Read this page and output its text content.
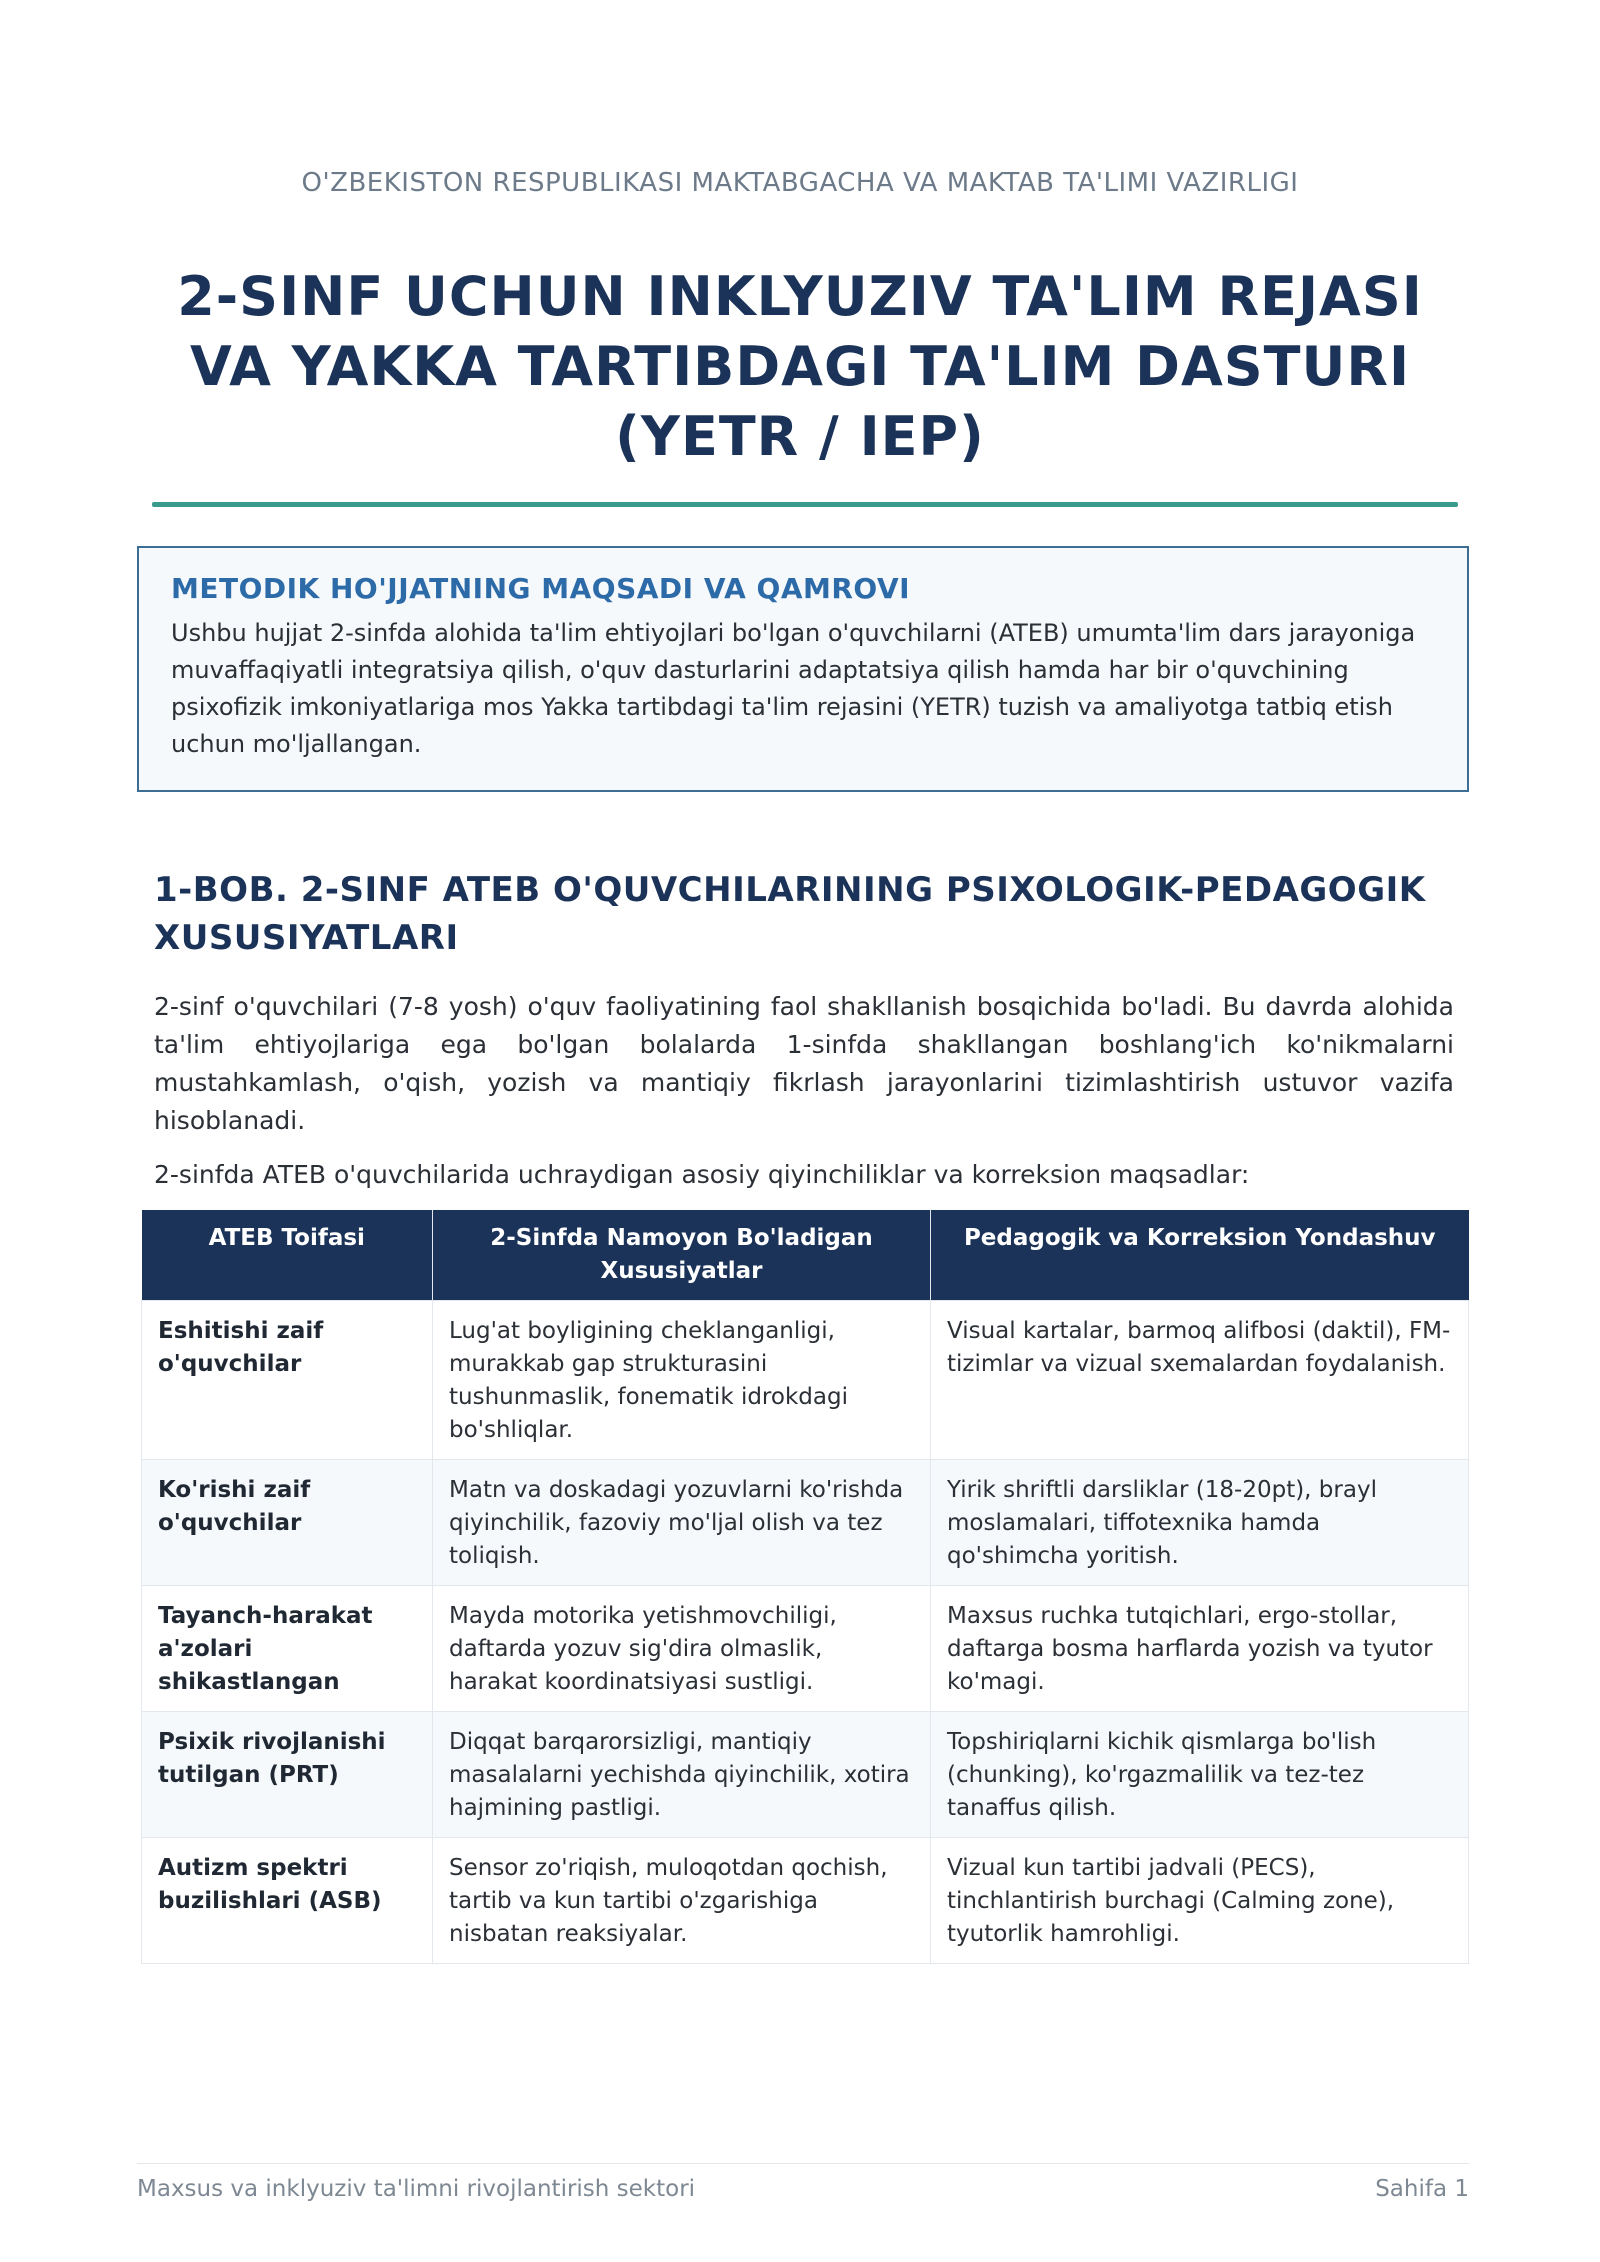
O'ZBEKISTON RESPUBLIKASI MAKTABGACHA VA MAKTAB TA'LIMI VAZIRLIGI
2-SINF UCHUN INKLYUZIV TA'LIM REJASI
VA YAKKA TARTIBDAGI TA'LIM DASTURI
(YETR / IEP)
METODIK HO'JJATNING MAQSADI VA QAMROVI
Ushbu hujjat 2-sinfda alohida ta'lim ehtiyojlari bo'lgan o'quvchilarni (ATEB) umumta'lim dars jarayoniga muvaffaqiyatli integratsiya qilish, o'quv dasturlarini adaptatsiya qilish hamda har bir o'quvchining psixofizik imkoniyatlariga mos Yakka tartibdagi ta'lim rejasini (YETR) tuzish va amaliyotga tatbiq etish uchun mo'ljallangan.
1-BOB. 2-SINF ATEB O'QUVCHILARINING PSIXOLOGIK-PEDAGOGIK XUSUSIYATLARI
2-sinf o'quvchilari (7-8 yosh) o'quv faoliyatining faol shakllanish bosqichida bo'ladi. Bu davrda alohida ta'lim ehtiyojlariga ega bo'lgan bolalarda 1-sinfda shakllangan boshlang'ich ko'nikmalarni mustahkamlash, o'qish, yozish va mantiqiy fikrlash jarayonlarini tizimlashtirish ustuvor vazifa hisoblanadi.
2-sinfda ATEB o'quvchilarida uchraydigan asosiy qiyinchiliklar va korreksion maqsadlar:
ATEB Toifasi	2-Sinfda Namoyon Bo'ladigan Xususiyatlar	Pedagogik va Korreksion Yondashuv
Eshitishi zaif o'quvchilar	Lug'at boyligining cheklanganligi, murakkab gap strukturasini tushunmaslik, fonematik idrokdagi bo'shliqlar.	Visual kartalar, barmoq alifbosi (daktil), FM-tizimlar va vizual sxemalardan foydalanish.
Ko'rishi zaif o'quvchilar	Matn va doskadagi yozuvlarni ko'rishda qiyinchilik, fazoviy mo'ljal olish va tez toliqish.	Yirik shriftli darsliklar (18-20pt), brayl moslamalari, tiffotexnika hamda qo'shimcha yoritish.
Tayanch-harakat a'zolari shikastlangan	Mayda motorika yetishmovchiligi, daftarda yozuv sig'dira olmaslik, harakat koordinatsiyasi sustligi.	Maxsus ruchka tutqichlari, ergo-stollar, daftarga bosma harflarda yozish va tyutor ko'magi.
Psixik rivojlanishi tutilgan (PRT)	Diqqat barqarorsizligi, mantiqiy masalalarni yechishda qiyinchilik, xotira hajmining pastligi.	Topshiriqlarni kichik qismlarga bo'lish (chunking), ko'rgazmalilik va tez-tez tanaffus qilish.
Autizm spektri buzilishlari (ASB)	Sensor zo'riqish, muloqotdan qochish, tartib va kun tartibi o'zgarishiga nisbatan reaksiyalar.	Vizual kun tartibi jadvali (PECS), tinchlantirish burchagi (Calming zone), tyutorlik hamrohligi.
Maxsus va inklyuziv ta'limni rivojlantirish sektori	Sahifa 1
